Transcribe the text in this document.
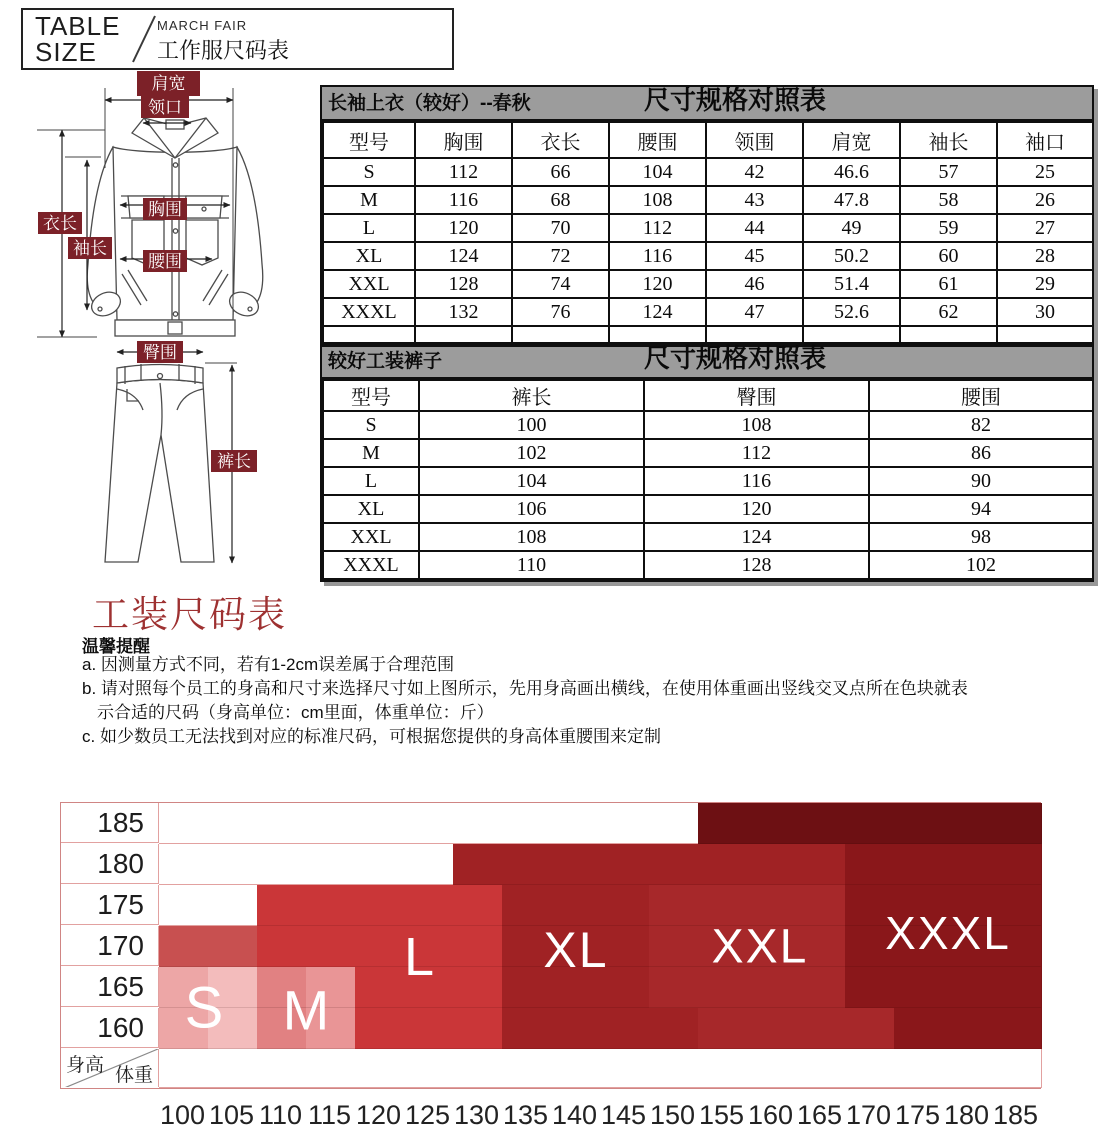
TABLE
SIZE
MARCH FAIR
工作服尺码表
肩宽
领口
衣长
袖长
胸围
腰围
臀围
裤长
长袖上衣（较好）--春秋	尺寸规格对照表
型号	胸围	衣长	腰围	领围	肩宽	袖长	袖口
S	112	66	104	42	46.6	57	25
M	116	68	108	43	47.8	58	26
L	120	70	112	44	49	59	27
XL	124	72	116	45	50.2	60	28
XXL	128	74	120	46	51.4	61	29
XXXL	132	76	124	47	52.6	62	30

较好工装裤子	尺寸规格对照表
型号	裤长	臀围	腰围
S	100	108	82
M	102	112	86
L	104	116	90
XL	106	120	94
XXL	108	124	98
XXXL	110	128	102
工装尺码表
温馨提醒
a. 因测量方式不同，若有1-2cm误差属于合理范围
b. 请对照每个员工的身高和尺寸来选择尺寸如上图所示，先用身高画出横线，在使用体重画出竖线交叉点所在色块就表
示合适的尺码（身高单位：cm里面，体重单位：斤）
c. 如少数员工无法找到对应的标准尺码，可根据您提供的身高体重腰围来定制
185
180
175
170
165
160
身高 体重
100 105 110 115 120 125 130 135 140 145 150 155 160 165 170 175 180 185
S M
L XL XXL XXXL
